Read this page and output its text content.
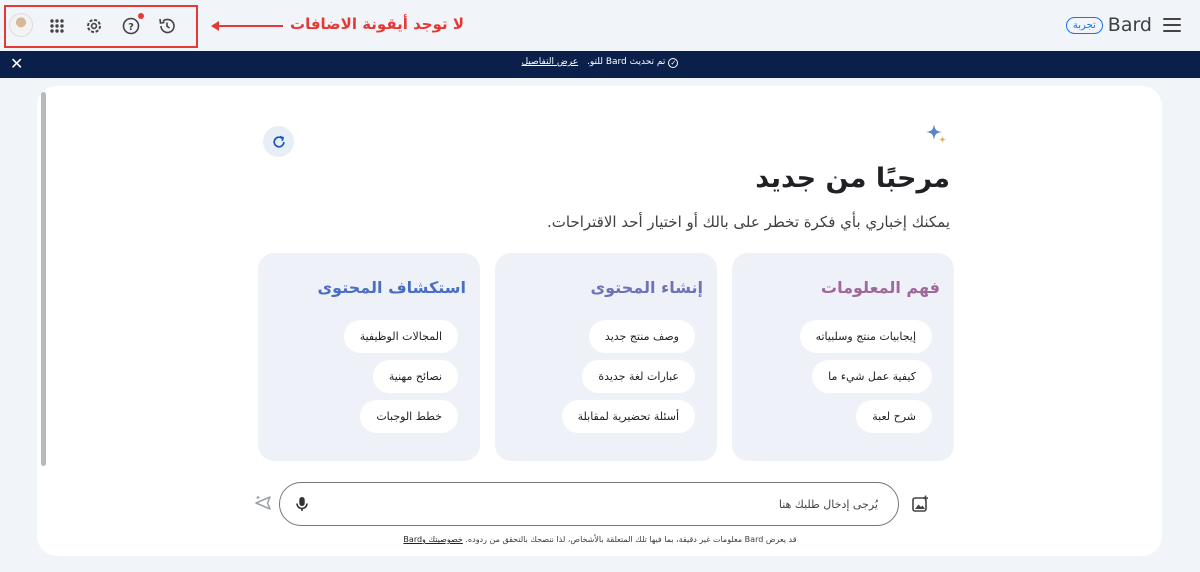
Bard
تجربة
?	لا توجد أيقونة الاضافات
✕	✓تم تحديث Bard للتو. عرض التفاصيل
مرحبًا من جديد
يمكنك إخباري بأي فكرة تخطر على بالك أو اختيار أحد الاقتراحات.
فهم المعلومات
إيجابيات منتج وسلبياته
كيفية عمل شيء ما
شرح لعبة
إنشاء المحتوى
وصف منتج جديد
عبارات لغة جديدة
أسئلة تحضيرية لمقابلة
استكشاف المحتوى
المجالات الوظيفية
نصائح مهنية
خطط الوجبات
يُرجى إدخال طلبك هنا
قد يعرض Bard معلومات غير دقيقة، بما فيها تلك المتعلقة بالأشخاص، لذا ننصحك بالتحقق من ردوده. خصوصيتك وBard
